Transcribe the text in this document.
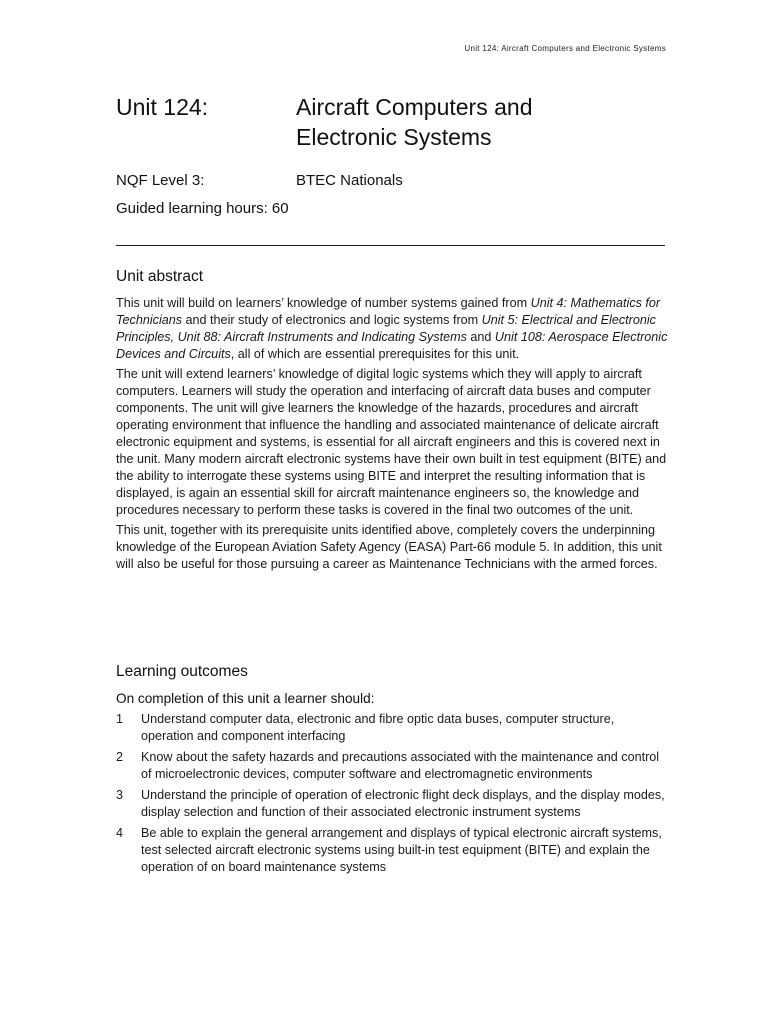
Unit 124: Aircraft Computers and Electronic Systems
Unit 124:	Aircraft Computers and
Electronic Systems
NQF Level 3:	BTEC Nationals
Guided learning hours: 60
Unit abstract

This unit will build on learners’ knowledge of number systems gained from Unit 4: Mathematics for Technicians and their study of electronics and logic systems from Unit 5: Electrical and Electronic Principles, Unit 88: Aircraft Instruments and Indicating Systems and Unit 108: Aerospace Electronic Devices and Circuits, all of which are essential prerequisites for this unit.

The unit will extend learners’ knowledge of digital logic systems which they will apply to aircraft computers. Learners will study the operation and interfacing of aircraft data buses and computer components. The unit will give learners the knowledge of the hazards, procedures and aircraft operating environment that influence the handling and associated maintenance of delicate aircraft electronic equipment and systems, is essential for all aircraft engineers and this is covered next in the unit. Many modern aircraft electronic systems have their own built in test equipment (BITE) and the ability to interrogate these systems using BITE and interpret the resulting information that is displayed, is again an essential skill for aircraft maintenance engineers so, the knowledge and procedures necessary to perform these tasks is covered in the final two outcomes of the unit.

This unit, together with its prerequisite units identified above, completely covers the underpinning knowledge of the European Aviation Safety Agency (EASA) Part-66 module 5. In addition, this unit will also be useful for those pursuing a career as Maintenance Technicians with the armed forces.

Learning outcomes
On completion of this unit a learner should:
1 Understand computer data, electronic and fibre optic data buses, computer structure, operation and component interfacing
2 Know about the safety hazards and precautions associated with the maintenance and control of microelectronic devices, computer software and electromagnetic environments
3 Understand the principle of operation of electronic flight deck displays, and the display modes, display selection and function of their associated electronic instrument systems
4 Be able to explain the general arrangement and displays of typical electronic aircraft systems, test selected aircraft electronic systems using built-in test equipment (BITE) and explain the operation of on board maintenance systems
